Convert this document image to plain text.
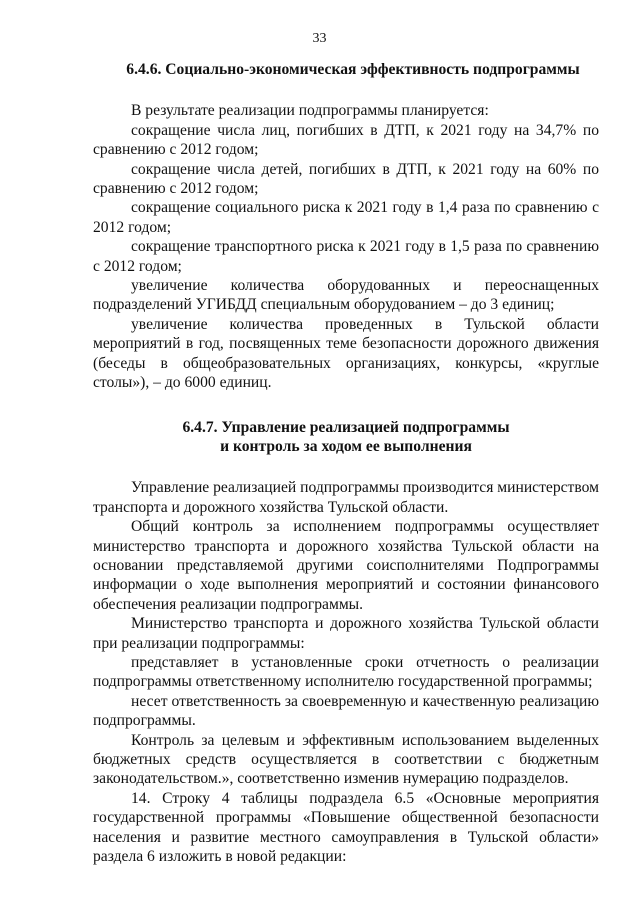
33
6.4.6. Социально-экономическая эффективность подпрограммы

В результате реализации подпрограммы планируется:

сокращение числа лиц, погибших в ДТП, к 2021 году на 34,7% по сравнению с 2012 годом;

сокращение числа детей, погибших в ДТП, к 2021 году на 60% по сравнению с 2012 годом;

сокращение социального риска к 2021 году в 1,4 раза по сравнению с 2012 годом;

сокращение транспортного риска к 2021 году в 1,5 раза по сравнению с 2012 годом;

увеличение количества оборудованных и переоснащенных подразделений УГИБДД специальным оборудованием – до 3 единиц;

увеличение количества проведенных в Тульской области мероприятий в год, посвященных теме безопасности дорожного движения (беседы в общеобразовательных организациях, конкурсы, «круглые столы»), – до 6000 единиц.

6.4.7. Управление реализацией подпрограммы
и контроль за ходом ее выполнения

Управление реализацией подпрограммы производится министерством транспорта и дорожного хозяйства Тульской области.

Общий контроль за исполнением подпрограммы осуществляет министерство транспорта и дорожного хозяйства Тульской области на основании представляемой другими соисполнителями Подпрограммы информации о ходе выполнения мероприятий и состоянии финансового обеспечения реализации подпрограммы.

Министерство транспорта и дорожного хозяйства Тульской области при реализации подпрограммы:

представляет в установленные сроки отчетность о реализации подпрограммы ответственному исполнителю государственной программы;

несет ответственность за своевременную и качественную реализацию подпрограммы.

Контроль за целевым и эффективным использованием выделенных бюджетных средств осуществляется в соответствии с бюджетным законодательством.», соответственно изменив нумерацию подразделов.

14. Строку 4 таблицы подраздела 6.5 «Основные мероприятия государственной программы «Повышение общественной безопасности населения и развитие местного самоуправления в Тульской области» раздела 6 изложить в новой редакции:
